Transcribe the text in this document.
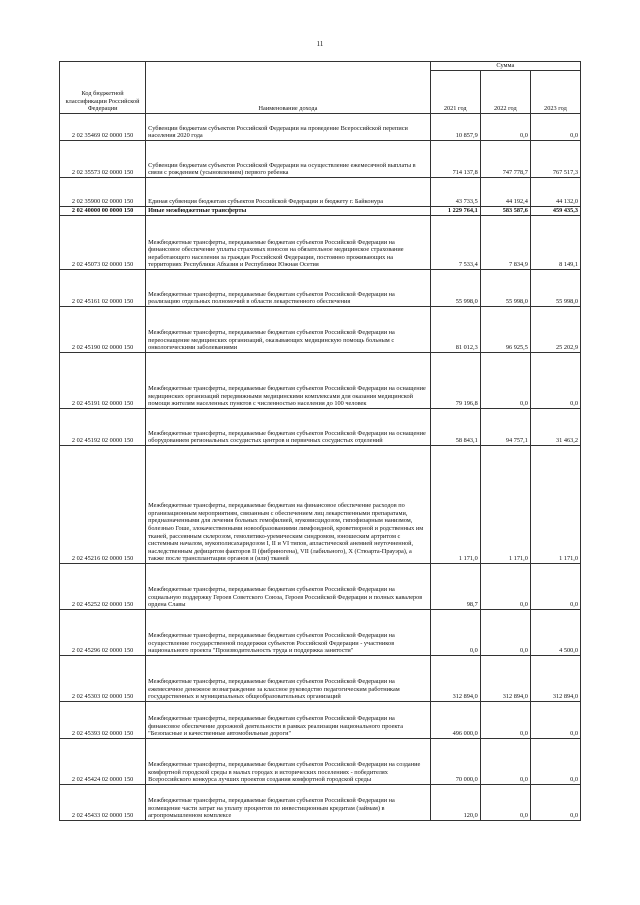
11
Код бюджетной классификации Российской Федерации	Наименование дохода	Сумма		
		2021 год	2022 год	2023 год
2 02 35469 02 0000 150	Субвенции бюджетам субъектов Российской Федерации на проведение Всероссийской переписи населения 2020 года	10 857,9	0,0	0,0
2 02 35573 02 0000 150	Субвенции бюджетам субъектов Российской Федерации на осуществление ежемесячной выплаты в связи с рождением (усыновлением) первого ребенка	714 137,8	747 778,7	767 517,3
2 02 35900 02 0000 150	Единая субвенция бюджетам субъектов Российской Федерации и бюджету г. Байконура	43 733,5	44 192,4	44 132,0
2 02 40000 00 0000 150	Иные межбюджетные трансферты	1 229 764,1	583 587,6	459 435,3
2 02 45073 02 0000 150	Межбюджетные трансферты, передаваемые бюджетам субъектов Российской Федерации на финансовое обеспечение уплаты страховых взносов на обязательное медицинское страхование неработающего населения за граждан Российской Федерации, постоянно проживающих на территориях Республики Абхазия и Республики Южная Осетия	7 533,4	7 834,9	8 149,1
2 02 45161 02 0000 150	Межбюджетные трансферты, передаваемые бюджетам субъектов Российской Федерации на реализацию отдельных полномочий в области лекарственного обеспечения	55 998,0	55 998,0	55 998,0
2 02 45190 02 0000 150	Межбюджетные трансферты, передаваемые бюджетам субъектов Российской Федерации на переоснащение медицинских организаций, оказывающих медицинскую помощь больным с онкологическими заболеваниями	81 012,3	96 925,5	25 202,9
2 02 45191 02 0000 150	Межбюджетные трансферты, передаваемые бюджетам субъектов Российской Федерации на оснащение медицинских организаций передвижными медицинскими комплексами для оказания медицинской помощи жителям населенных пунктов с численностью населения до 100 человек	79 196,8	0,0	0,0
2 02 45192 02 0000 150	Межбюджетные трансферты, передаваемые бюджетам субъектов Российской Федерации на оснащение оборудованием региональных сосудистых центров и первичных сосудистых отделений	58 843,1	94 757,1	31 463,2
2 02 45216 02 0000 150	Межбюджетные трансферты, передаваемые бюджетам на финансовое обеспечение расходов по организационным мероприятиям, связанным с обеспечением лиц лекарственными препаратами, предназначенными для лечения больных гемофилией, муковисцидозом, гипофизарным нанизмом, болезнью Гоше, злокачественными новообразованиями лимфоидной, кроветворной и родственных им тканей, рассеянным склерозом, гемолитико-уремическим синдромом, юношеским артритом с системным началом, мукополисахаридозом I, II и VI типов, апластической анемией неуточненной, наследственным дефицитом факторов II (фибриногена), VII (лабильного), X (Стюарта-Прауэра), а также после трансплантации органов и (или) тканей	1 171,0	1 171,0	1 171,0
2 02 45252 02 0000 150	Межбюджетные трансферты, передаваемые бюджетам субъектов Российской Федерации на социальную поддержку Героев Советского Союза, Героев Российской Федерации и полных кавалеров ордена Славы	98,7	0,0	0,0
2 02 45296 02 0000 150	Межбюджетные трансферты, передаваемые бюджетам субъектов Российской Федерации на осуществление государственной поддержки субъектов Российской Федерации - участников национального проекта "Производительность труда и поддержка занятости"	0,0	0,0	4 500,0
2 02 45303 02 0000 150	Межбюджетные трансферты, передаваемые бюджетам субъектов Российской Федерации на ежемесячное денежное вознаграждение за классное руководство педагогическим работникам государственных и муниципальных общеобразовательных организаций	312 894,0	312 894,0	312 894,0
2 02 45393 02 0000 150	Межбюджетные трансферты, передаваемые бюджетам субъектов Российской Федерации на финансовое обеспечение дорожной деятельности в рамках реализации национального проекта "Безопасные и качественные автомобильные дороги"	496 000,0	0,0	0,0
2 02 45424 02 0000 150	Межбюджетные трансферты, передаваемые бюджетам субъектов Российской Федерации на создание комфортной городской среды в малых городах и исторических поселениях - победителях Всероссийского конкурса лучших проектов создания комфортной городской среды	70 000,0	0,0	0,0
2 02 45433 02 0000 150	Межбюджетные трансферты, передаваемые бюджетам субъектов Российской Федерации на возмещение части затрат на уплату процентов по инвестиционным кредитам (займам) в агропромышленном комплексе	120,0	0,0	0,0
